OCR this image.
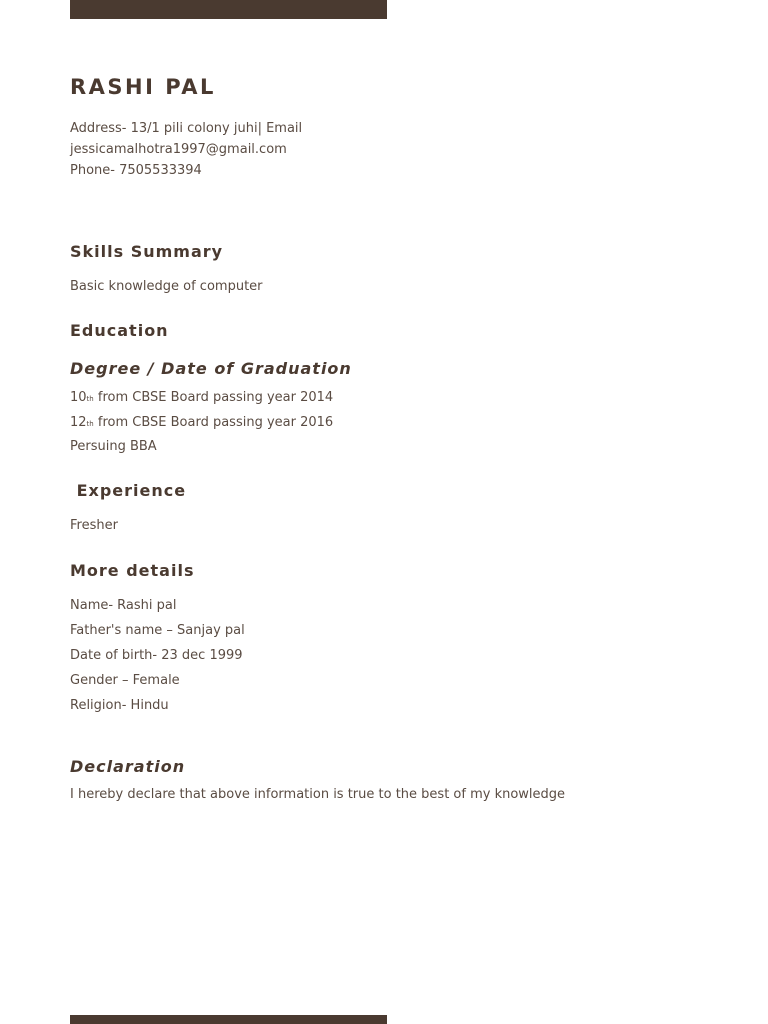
RASHI PAL
Address- 13/1 pili colony juhi| Email
jessicamalhotra1997@gmail.com
Phone- 7505533394
Skills Summary
Basic knowledge of computer
Education
Degree / Date of Graduation
10th from CBSE Board passing year 2014
12th from CBSE Board passing year 2016
Persuing BBA
Experience
Fresher
More details
Name- Rashi pal
Father's name – Sanjay pal
Date of birth- 23 dec 1999
Gender – Female
Religion- Hindu
Declaration
I hereby declare that above information is true to the best of my knowledge
